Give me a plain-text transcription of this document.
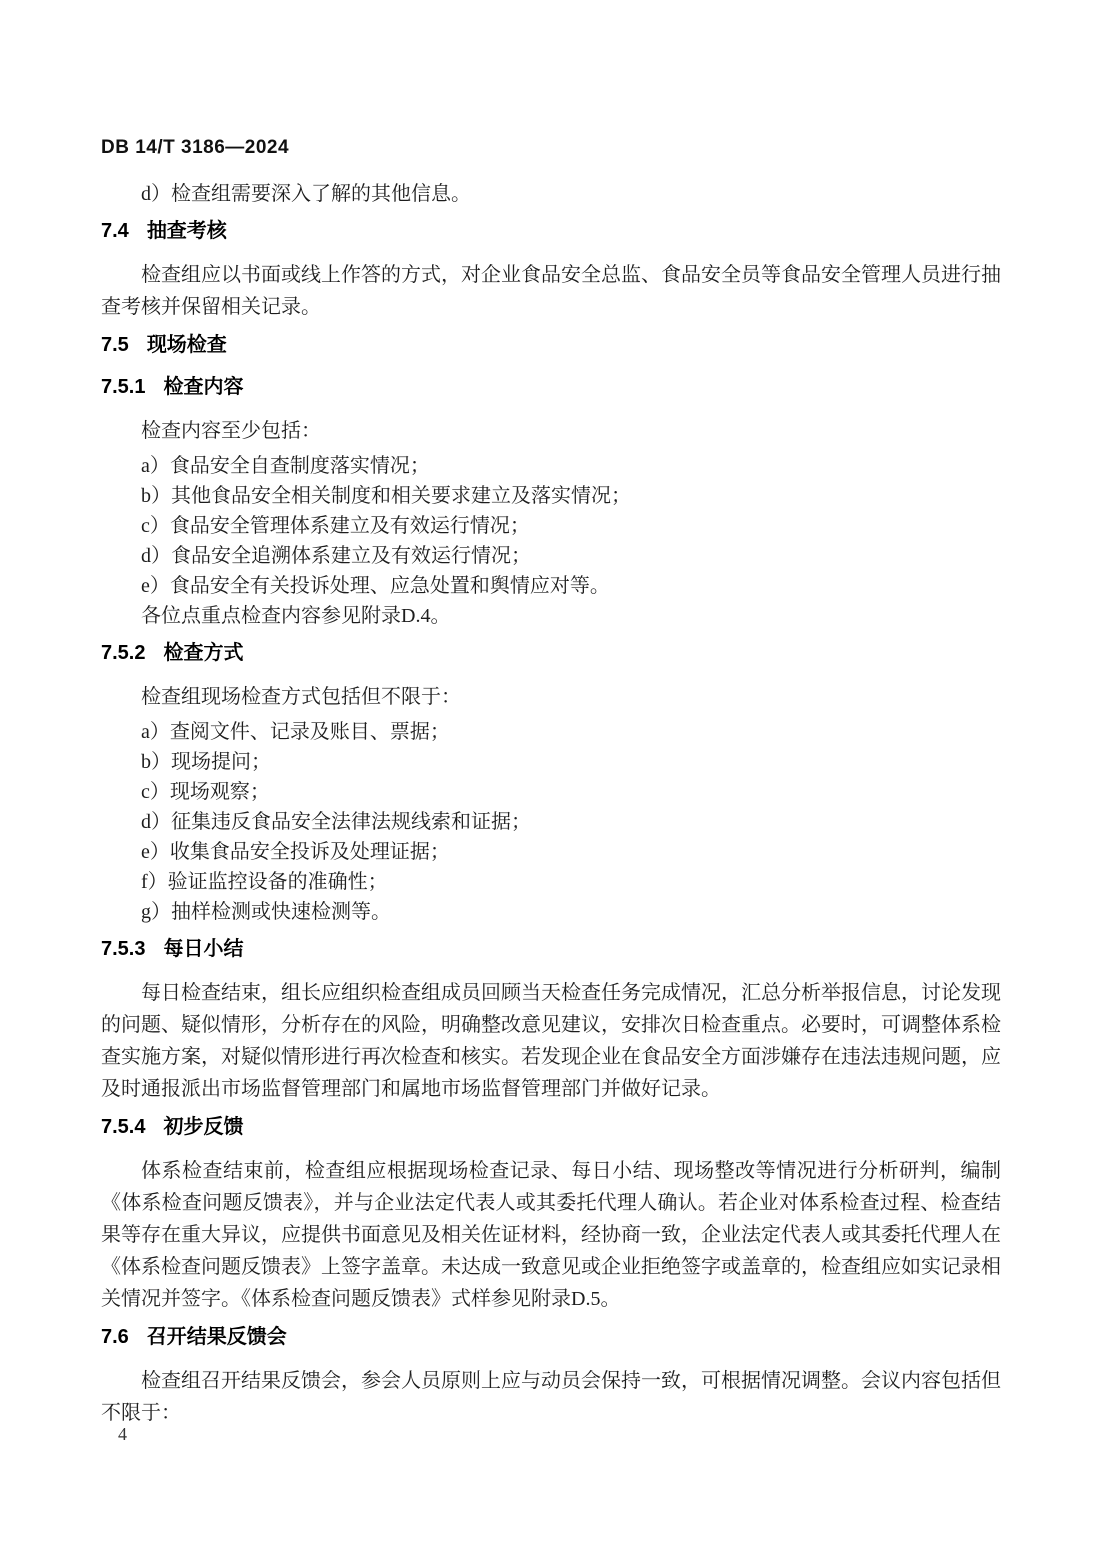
DB 14/T 3186—2024
d）检查组需要深入了解的其他信息。
7.4 抽查考核
检查组应以书面或线上作答的方式，对企业食品安全总监、食品安全员等食品安全管理人员进行抽查考核并保留相关记录。
7.5 现场检查
7.5.1 检查内容
检查内容至少包括：
a）食品安全自查制度落实情况；
b）其他食品安全相关制度和相关要求建立及落实情况；
c）食品安全管理体系建立及有效运行情况；
d）食品安全追溯体系建立及有效运行情况；
e）食品安全有关投诉处理、应急处置和舆情应对等。
各位点重点检查内容参见附录D.4。
7.5.2 检查方式
检查组现场检查方式包括但不限于：
a）查阅文件、记录及账目、票据；
b）现场提问；
c）现场观察；
d）征集违反食品安全法律法规线索和证据；
e）收集食品安全投诉及处理证据；
f）验证监控设备的准确性；
g）抽样检测或快速检测等。
7.5.3 每日小结
每日检查结束，组长应组织检查组成员回顾当天检查任务完成情况，汇总分析举报信息，讨论发现的问题、疑似情形，分析存在的风险，明确整改意见建议，安排次日检查重点。必要时，可调整体系检查实施方案，对疑似情形进行再次检查和核实。若发现企业在食品安全方面涉嫌存在违法违规问题，应及时通报派出市场监督管理部门和属地市场监督管理部门并做好记录。
7.5.4 初步反馈
体系检查结束前，检查组应根据现场检查记录、每日小结、现场整改等情况进行分析研判，编制《体系检查问题反馈表》，并与企业法定代表人或其委托代理人确认。若企业对体系检查过程、检查结果等存在重大异议，应提供书面意见及相关佐证材料，经协商一致，企业法定代表人或其委托代理人在《体系检查问题反馈表》上签字盖章。未达成一致意见或企业拒绝签字或盖章的，检查组应如实记录相关情况并签字。《体系检查问题反馈表》式样参见附录D.5。
7.6 召开结果反馈会
检查组召开结果反馈会，参会人员原则上应与动员会保持一致，可根据情况调整。会议内容包括但不限于：
4
